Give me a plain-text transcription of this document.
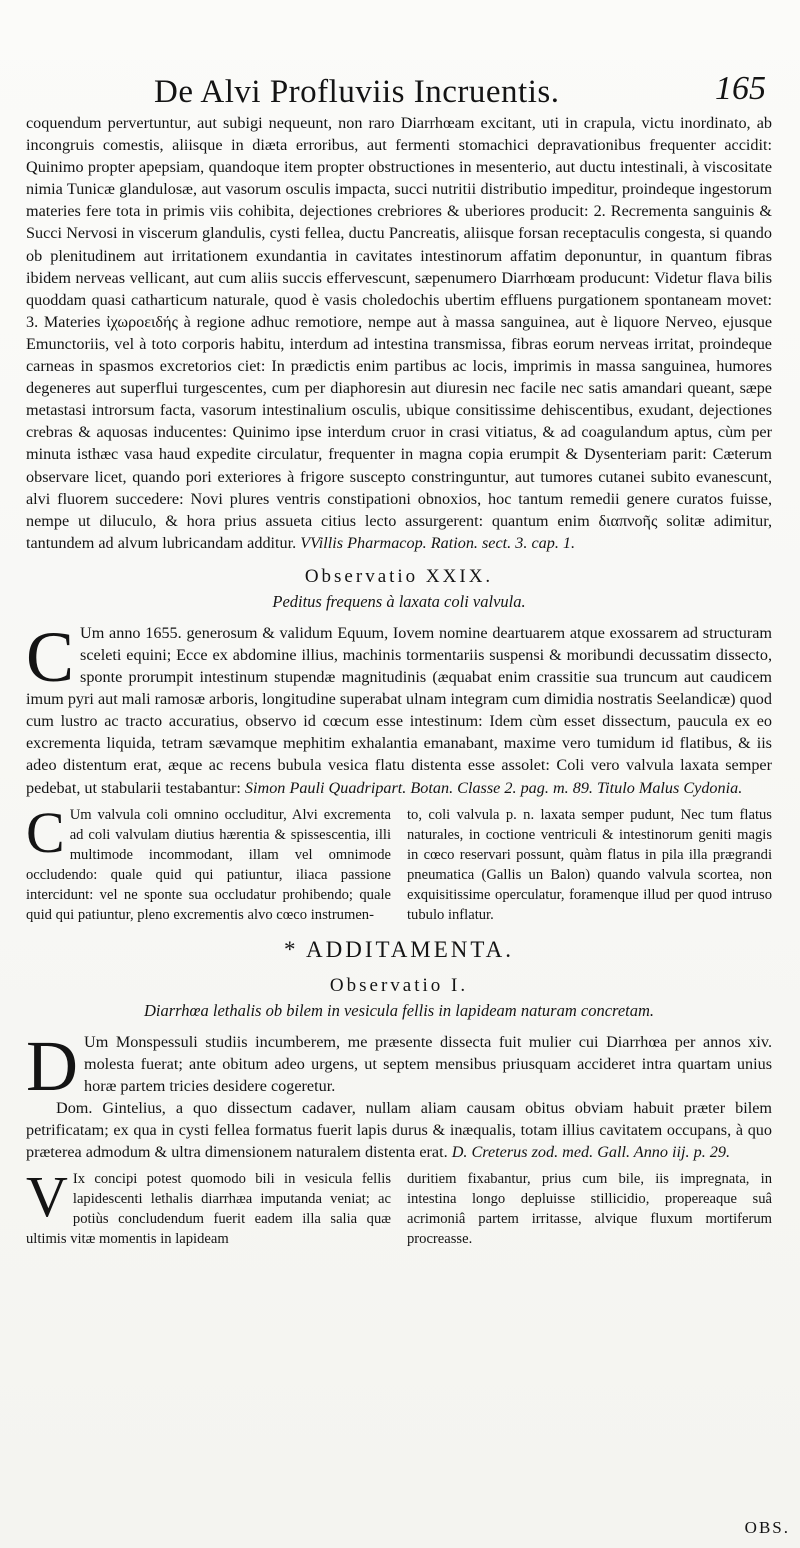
De Alvi Profluviis Incruentis.	165

coquendum pervertuntur, aut subigi nequeunt, non raro Diarrhœam excitant, uti in crapula, victu inordinato, ab incongruis comestis, aliisque in diæta erroribus, aut fermenti stomachici depravationibus frequenter accidit: Quinimo propter apepsiam, quandoque item propter obstructiones in mesenterio, aut ductu intestinali, à viscositate nimia Tunicæ glandulosæ, aut vasorum osculis impacta, succi nutritii distributio impeditur, proindeque ingestorum materies fere tota in primis viis cohibita, dejectiones crebriores & uberiores producit: 2. Recrementa sanguinis & Succi Nervosi in viscerum glandulis, cysti fellea, ductu Pancreatis, aliisque forsan receptaculis congesta, si quando ob plenitudinem aut irritationem exundantia in cavitates intestinorum affatim deponuntur, in quantum fibras ibidem nerveas vellicant, aut cum aliis succis effervescunt, sæpenumero Diarrhœam producunt: Videtur flava bilis quoddam quasi catharticum naturale, quod è vasis choledochis ubertim effluens purgationem spontaneam movet: 3. Materies ἰχωροειδής à regione adhuc remotiore, nempe aut à massa sanguinea, aut è liquore Nerveo, ejusque Emunctoriis, vel à toto corporis habitu, interdum ad intestina transmissa, fibras eorum nerveas irritat, proindeque carneas in spasmos excretorios ciet: In prædictis enim partibus ac locis, imprimis in massa sanguinea, humores degeneres aut superflui turgescentes, cum per diaphoresin aut diuresin nec facile nec satis amandari queant, sæpe metastasi introrsum facta, vasorum intestinalium osculis, ubique consitissime dehiscentibus, exudant, dejectiones crebras & aquosas inducentes: Quinimo ipse interdum cruor in crasi vitiatus, & ad coagulandum aptus, cùm per minuta isthæc vasa haud expedite circulatur, frequenter in magna copia erumpit & Dysenteriam parit: Cæterum observare licet, quando pori exteriores à frigore suscepto constringuntur, aut tumores cutanei subito evanescunt, alvi fluorem succedere: Novi plures ventris constipationi obnoxios, hoc tantum remedii genere curatos fuisse, nempe ut diluculo, & hora prius assueta citius lecto assurgerent: quantum enim διαπνοῆς solitæ adimitur, tantundem ad alvum lubricandam additur. VVillis Pharmacop. Ration. sect. 3. cap. 1.

Observatio XXIX.
Peditus frequens à laxata coli valvula.

C Um anno 1655. generosum & validum Equum, Iovem nomine deartuarem atque exossarem ad structuram sceleti equini; Ecce ex abdomine illius, machinis tormentariis suspensi & moribundi decussatim dissecto, sponte prorumpit intestinum stupendæ magnitudinis (æquabat enim crassitie sua truncum aut caudicem imum pyri aut mali ramosæ arboris, longitudine superabat ulnam integram cum dimidia nostratis Seelandicæ) quod cum lustro ac tracto accuratius, observo id cœcum esse intestinum: Idem cùm esset dissectum, paucula ex eo excrementa liquida, tetram sævamque mephitim exhalantia emanabant, maxime vero tumidum id flatibus, & iis adeo distentum erat, æque ac recens bubula vesica flatu distenta esse assolet: Coli vero valvula laxata semper pedebat, ut stabularii testabantur: Simon Pauli Quadripart. Botan. Classe 2. pag. m. 89. Titulo Malus Cydonia.

C Um valvula coli omnino occluditur, Alvi excrementa ad coli valvulam diutius hærentia & spissescentia, illi multimode incommodant, illam vel omnimode occludendo: quale quid qui patiuntur, iliaca passione intercidunt: vel ne sponte sua occludatur prohibendo; quale quid qui patiuntur, pleno excrementis alvo cœco instrumen-

to, coli valvula p. n. laxata semper pudunt, Nec tum flatus naturales, in coctione ventriculi & intestinorum geniti magis in cœco reservari possunt, quàm flatus in pila illa prægrandi pneumatica (Gallis un Balon) quando valvula scortea, non exquisitissime operculatur, foramenque illud per quod intruso tubulo inflatur.

* ADDITAMENTA.
Observatio I.
Diarrhœa lethalis ob bilem in vesicula fellis in lapideam naturam concretam.

D Um Monspessuli studiis incumberem, me præsente dissecta fuit mulier cui Diarrhœa per annos xiv. molesta fuerat; ante obitum adeo urgens, ut septem mensibus priusquam accideret intra quartam unius horæ partem tricies desidere cogeretur.

Dom. Gintelius, a quo dissectum cadaver, nullam aliam causam obitus obviam habuit præter bilem petrificatam; ex qua in cysti fellea formatus fuerit lapis durus & inæqualis, totam illius cavitatem occupans, à quo præterea admodum & ultra dimensionem naturalem distenta erat. D. Creterus zod. med. Gall. Anno iij. p. 29.

V Ix concipi potest quomodo bili in vesicula fellis lapidescenti lethalis diarrhæa imputanda veniat; ac potiùs concludendum fuerit eadem illa salia quæ ultimis vitæ momentis in lapideam

duritiem fixabantur, prius cum bile, iis impregnata, in intestina longo depluisse stillicidio, propereaque suâ acrimoniâ partem irritasse, alvique fluxum mortiferum procreasse.

OBS.
